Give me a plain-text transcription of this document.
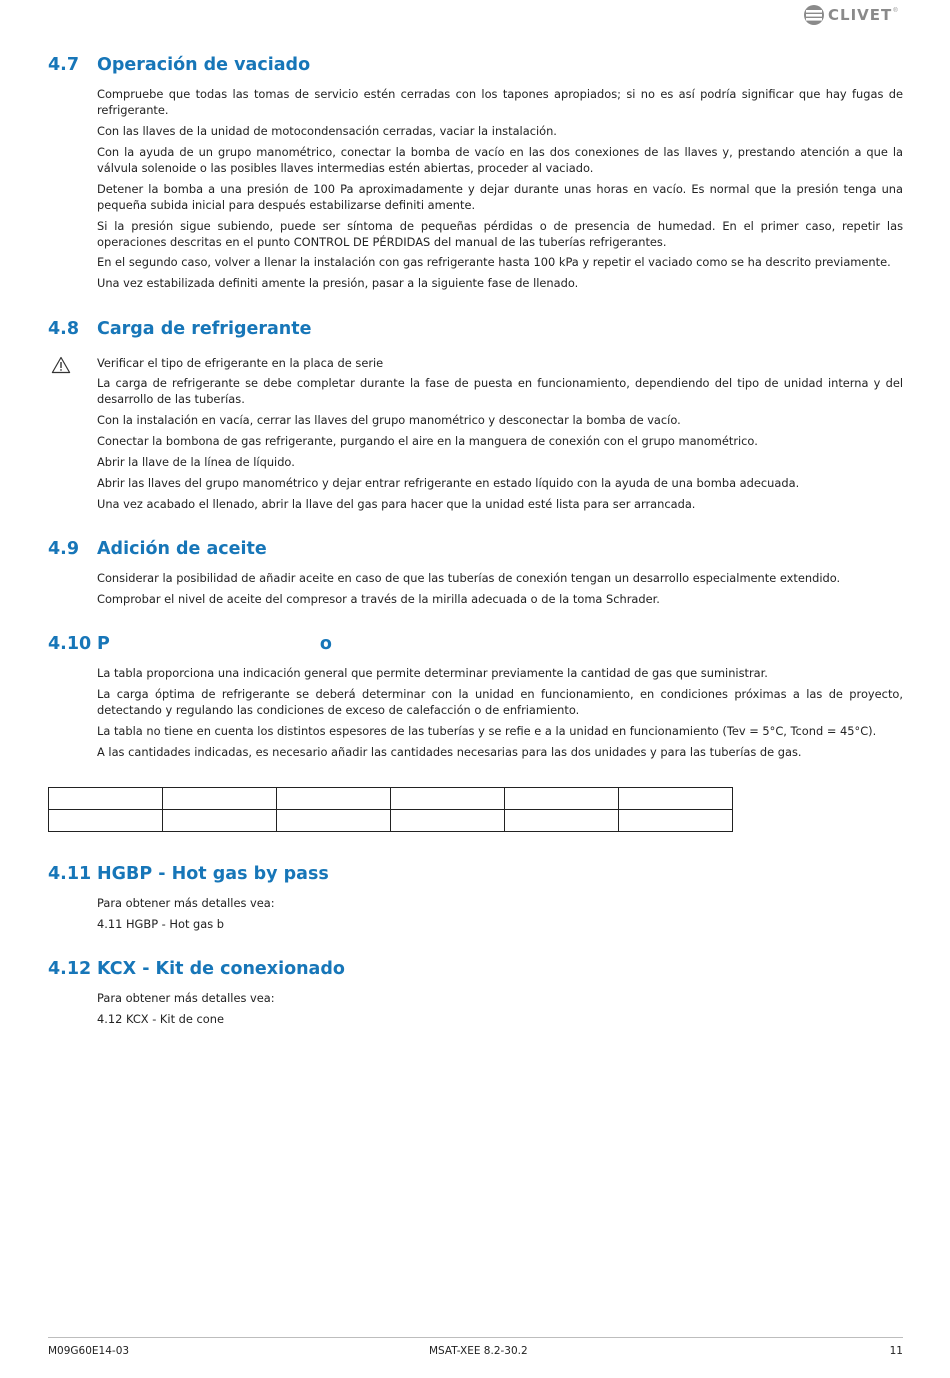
CLIVET ®
4.7 Operación de vaciado

Compruebe que todas las tomas de servicio estén cerradas con los tapones apropiados; si no es así podría significar que hay fugas de refrigerante.

Con las llaves de la unidad de motocondensación cerradas, vaciar la instalación.

Con la ayuda de un grupo manométrico, conectar la bomba de vacío en las dos conexiones de las llaves y, prestando atención a que la válvula solenoide o las posibles llaves intermedias estén abiertas, proceder al vaciado.

Detener la bomba a una presión de 100 Pa aproximadamente y dejar durante unas horas en vacío. Es normal que la presión tenga una pequeña subida inicial para después estabilizarse definiti amente.

Si la presión sigue subiendo, puede ser síntoma de pequeñas pérdidas o de presencia de humedad. En el primer caso, repetir las operaciones descritas en el punto CONTROL DE PÉRDIDAS del manual de las tuberías refrigerantes.

En el segundo caso, volver a llenar la instalación con gas refrigerante hasta 100 kPa y repetir el vaciado como se ha descrito previamente.

Una vez estabilizada definiti amente la presión, pasar a la siguiente fase de llenado.

4.8 Carga de refrigerante

Verificar el tipo de efrigerante en la placa de serie

La carga de refrigerante se debe completar durante la fase de puesta en funcionamiento, dependiendo del tipo de unidad interna y del desarrollo de las tuberías.

Con la instalación en vacía, cerrar las llaves del grupo manométrico y desconectar la bomba de vacío.

Conectar la bombona de gas refrigerante, purgando el aire en la manguera de conexión con el grupo manométrico.

Abrir la llave de la línea de líquido.

Abrir las llaves del grupo manométrico y dejar entrar refrigerante en estado líquido con la ayuda de una bomba adecuada.

Una vez acabado el llenado, abrir la llave del gas para hacer que la unidad esté lista para ser arrancada.

4.9 Adición de aceite

Considerar la posibilidad de añadir aceite en caso de que las tuberías de conexión tengan un desarrollo especialmente extendido.

Comprobar el nivel de aceite del compresor a través de la mirilla adecuada o de la toma Schrader.

4.10 P	o

La tabla proporciona una indicación general que permite determinar previamente la cantidad de gas que suministrar.

La carga óptima de refrigerante se deberá determinar con la unidad en funcionamiento, en condiciones próximas a las de proyecto, detectando y regulando las condiciones de exceso de calefacción o de enfriamiento.

La tabla no tiene en cuenta los distintos espesores de las tuberías y se refie e a la unidad en funcionamiento (Tev = 5°C, Tcond = 45°C).

A las cantidades indicadas, es necesario añadir las cantidades necesarias para las dos unidades y para las tuberías de gas.

4.11 HGBP - Hot gas by pass

Para obtener más detalles vea:

4.11 HGBP - Hot gas b

4.12 KCX - Kit de conexionado

Para obtener más detalles vea:

4.12 KCX - Kit de cone

M09G60E14-03	MSAT-XEE 8.2-30.2	11
